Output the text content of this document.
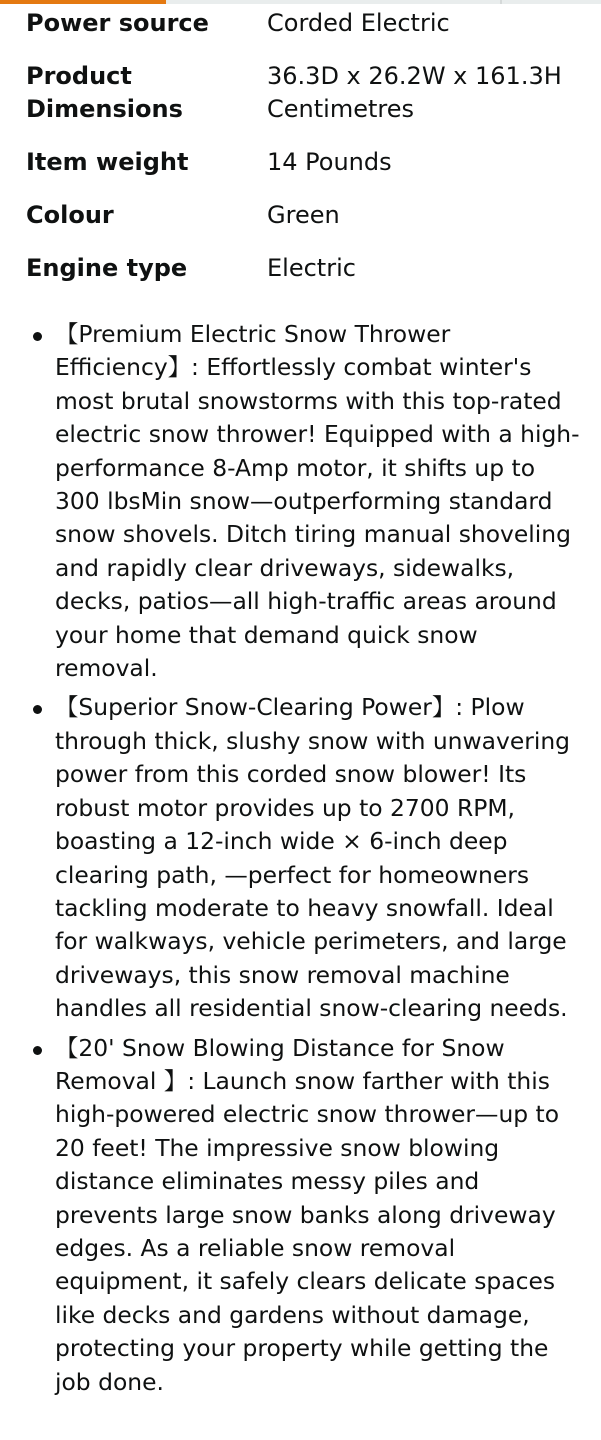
Power source	Corded Electric
Product Dimensions	36.3D x 26.2W x 161.3H Centimetres
Item weight	14 Pounds
Colour	Green
Engine type	Electric
【Premium Electric Snow Thrower Efficiency】: Effortlessly combat winter's most brutal snowstorms with this top-rated electric snow thrower! Equipped with a high-performance 8-Amp motor, it shifts up to 300 lbsMin snow—outperforming standard snow shovels. Ditch tiring manual shoveling and rapidly clear driveways, sidewalks, decks, patios—all high-traffic areas around your home that demand quick snow removal.
【Superior Snow-Clearing Power】: Plow through thick, slushy snow with unwavering power from this corded snow blower! Its robust motor provides up to 2700 RPM, boasting a 12-inch wide × 6-inch deep clearing path, —perfect for homeowners tackling moderate to heavy snowfall. Ideal for walkways, vehicle perimeters, and large driveways, this snow removal machine handles all residential snow-clearing needs.
【20' Snow Blowing Distance for Snow Removal 】: Launch snow farther with this high-powered electric snow thrower—up to 20 feet! The impressive snow blowing distance eliminates messy piles and prevents large snow banks along driveway edges. As a reliable snow removal equipment, it safely clears delicate spaces like decks and gardens without damage, protecting your property while getting the job done.
